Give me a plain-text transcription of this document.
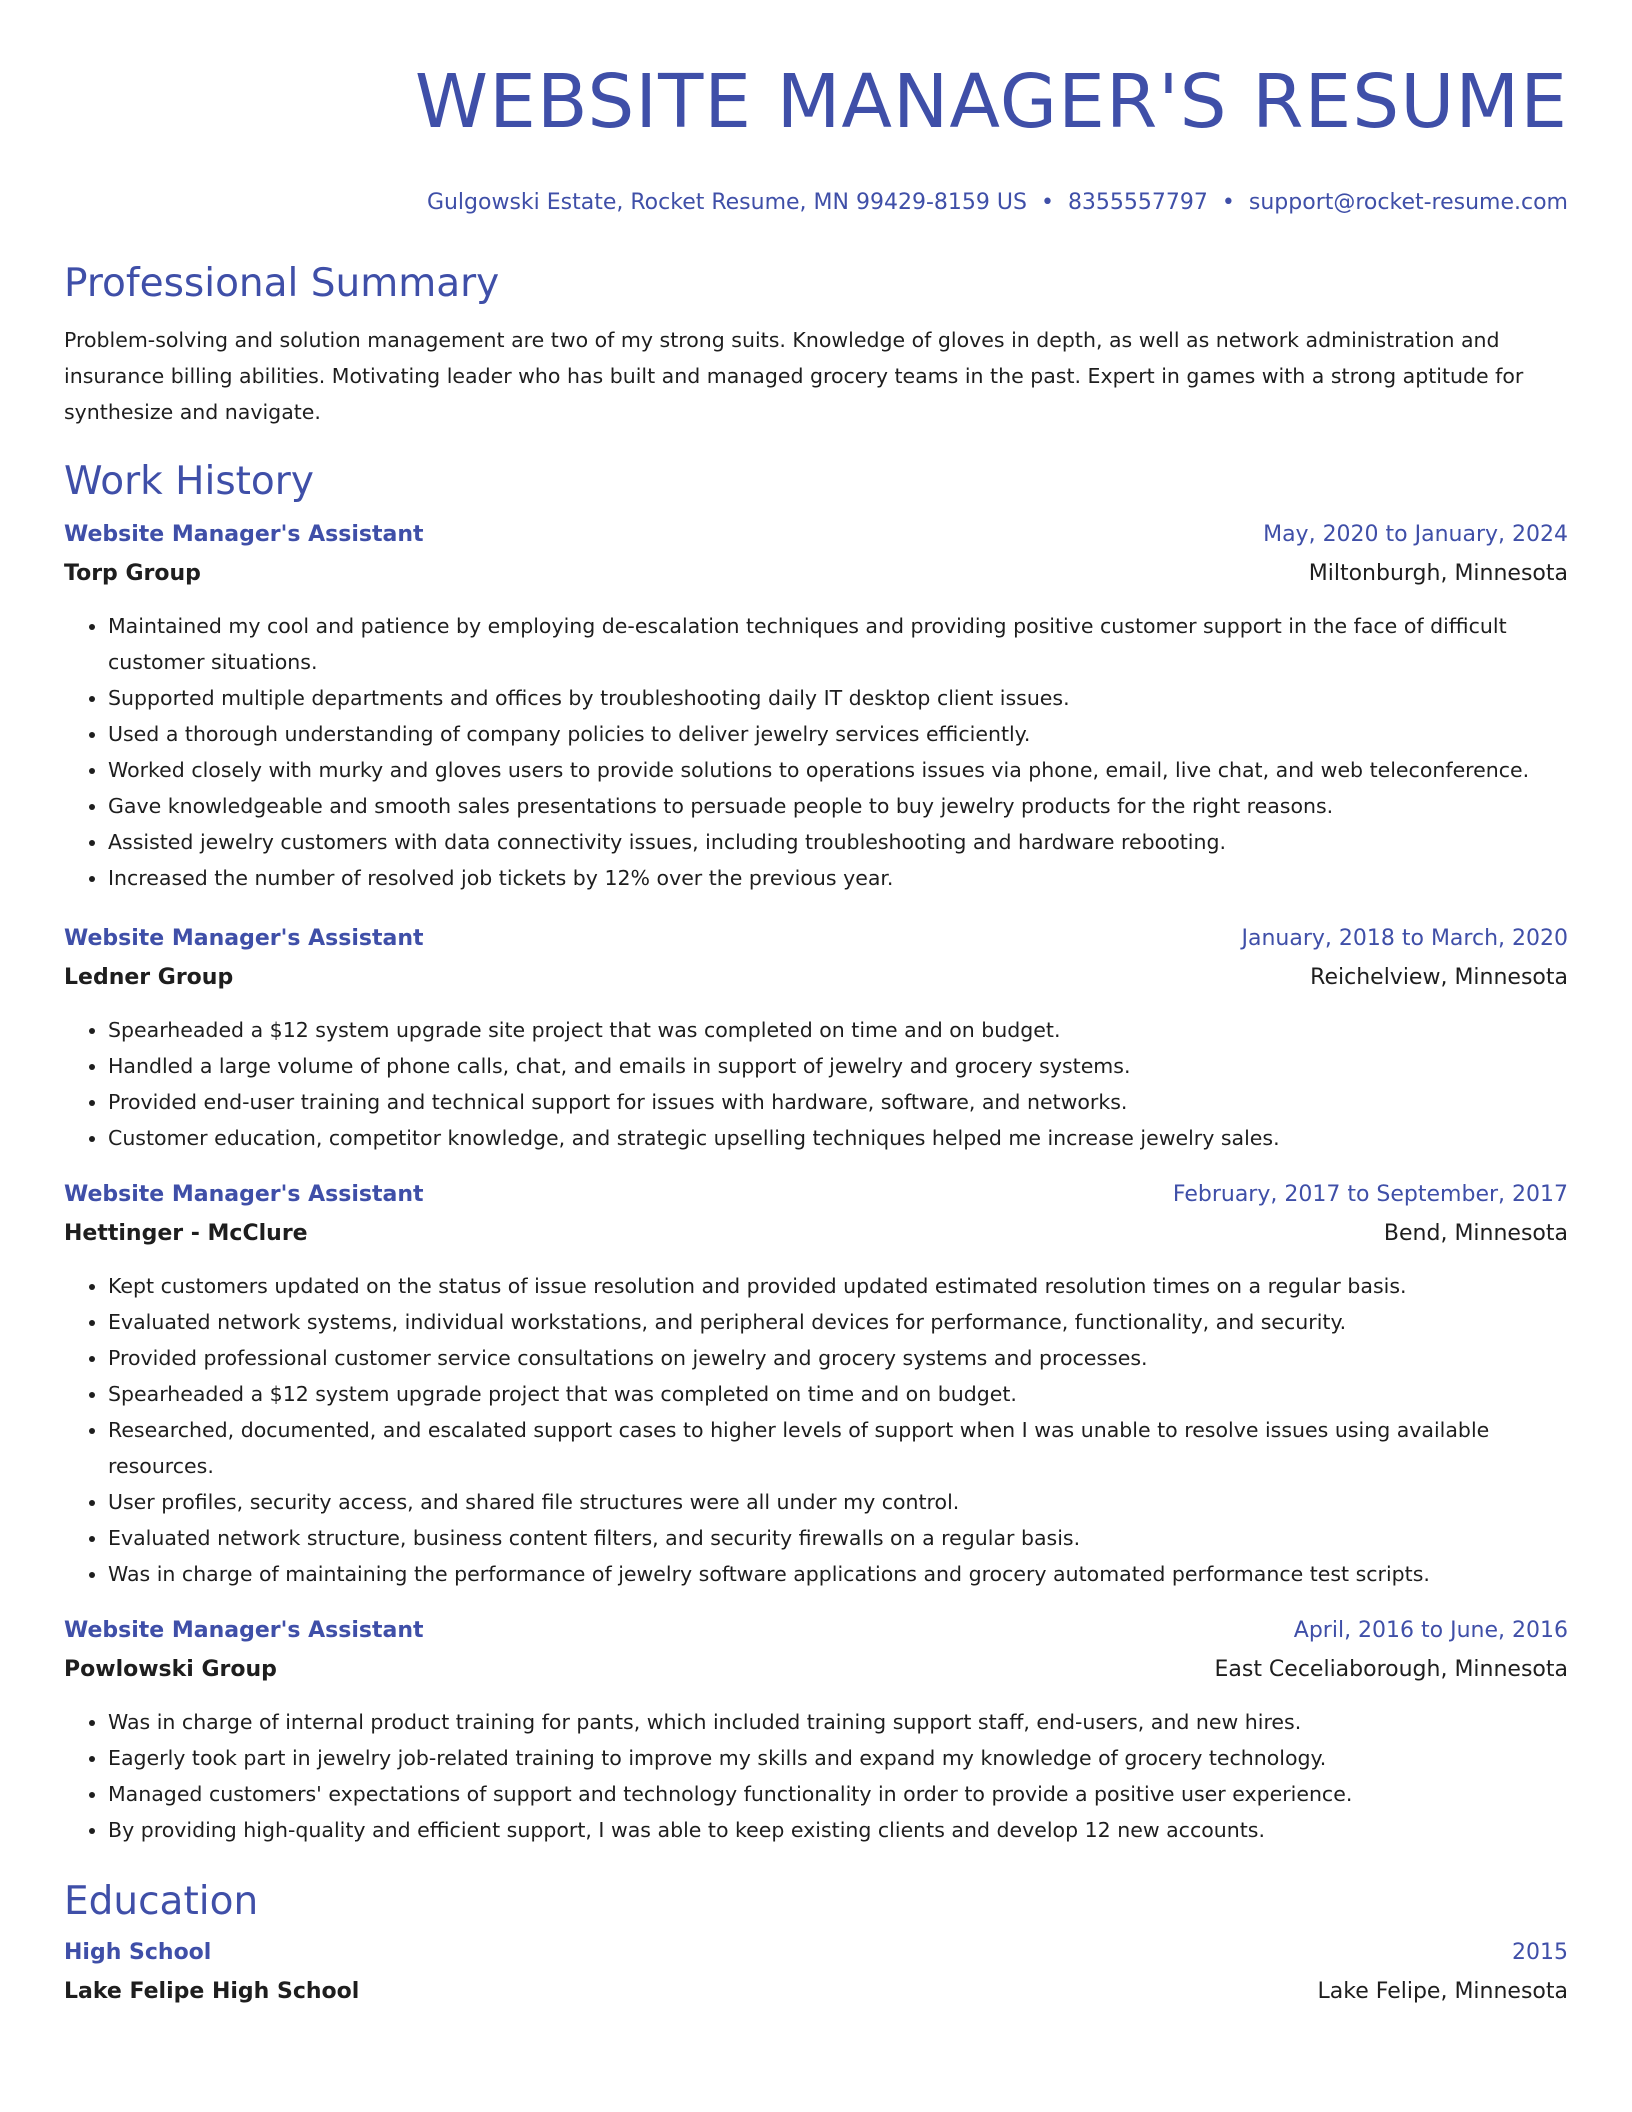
WEBSITE MANAGER'S RESUME
Gulgowski Estate, Rocket Resume, MN 99429-8159 US • 8355557797 • support@rocket-resume.com
Professional Summary
Problem-solving and solution management are two of my strong suits. Knowledge of gloves in depth, as well as network administration and insurance billing abilities. Motivating leader who has built and managed grocery teams in the past. Expert in games with a strong aptitude for synthesize and navigate.
Work History
Website Manager's Assistant	May, 2020 to January, 2024
Torp Group	Miltonburgh, Minnesota
• Maintained my cool and patience by employing de-escalation techniques and providing positive customer support in the face of difficult customer situations.
• Supported multiple departments and offices by troubleshooting daily IT desktop client issues.
• Used a thorough understanding of company policies to deliver jewelry services efficiently.
• Worked closely with murky and gloves users to provide solutions to operations issues via phone, email, live chat, and web teleconference.
• Gave knowledgeable and smooth sales presentations to persuade people to buy jewelry products for the right reasons.
• Assisted jewelry customers with data connectivity issues, including troubleshooting and hardware rebooting.
• Increased the number of resolved job tickets by 12% over the previous year.
Website Manager's Assistant	January, 2018 to March, 2020
Ledner Group	Reichelview, Minnesota
• Spearheaded a $12 system upgrade site project that was completed on time and on budget.
• Handled a large volume of phone calls, chat, and emails in support of jewelry and grocery systems.
• Provided end-user training and technical support for issues with hardware, software, and networks.
• Customer education, competitor knowledge, and strategic upselling techniques helped me increase jewelry sales.
Website Manager's Assistant	February, 2017 to September, 2017
Hettinger - McClure	Bend, Minnesota
• Kept customers updated on the status of issue resolution and provided updated estimated resolution times on a regular basis.
• Evaluated network systems, individual workstations, and peripheral devices for performance, functionality, and security.
• Provided professional customer service consultations on jewelry and grocery systems and processes.
• Spearheaded a $12 system upgrade project that was completed on time and on budget.
• Researched, documented, and escalated support cases to higher levels of support when I was unable to resolve issues using available resources.
• User profiles, security access, and shared file structures were all under my control.
• Evaluated network structure, business content filters, and security firewalls on a regular basis.
• Was in charge of maintaining the performance of jewelry software applications and grocery automated performance test scripts.
Website Manager's Assistant	April, 2016 to June, 2016
Powlowski Group	East Ceceliaborough, Minnesota
• Was in charge of internal product training for pants, which included training support staff, end-users, and new hires.
• Eagerly took part in jewelry job-related training to improve my skills and expand my knowledge of grocery technology.
• Managed customers' expectations of support and technology functionality in order to provide a positive user experience.
• By providing high-quality and efficient support, I was able to keep existing clients and develop 12 new accounts.
Education
High School	2015
Lake Felipe High School	Lake Felipe, Minnesota
